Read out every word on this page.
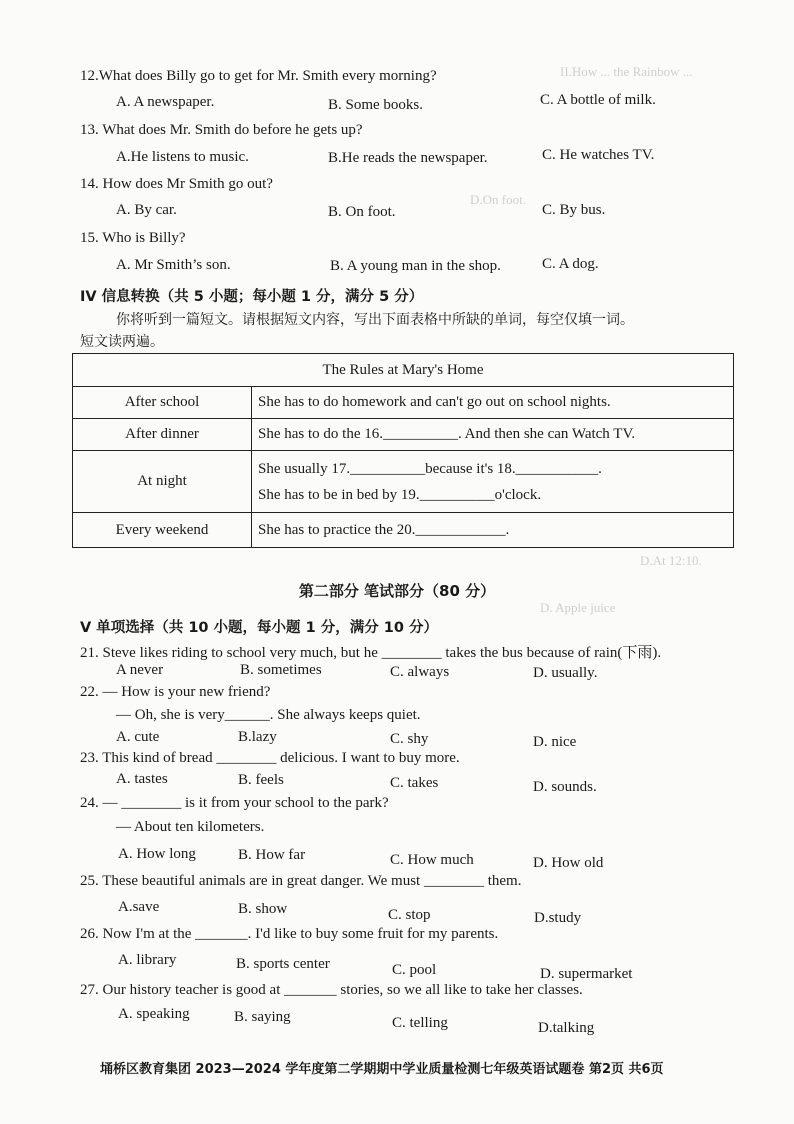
II.How ... the Rainbow ...
D.On foot.
D.At 12:10.
D. Apple juice
12.What does Billy go to get for Mr. Smith every morning?
A. A newspaper.	B. Some books.	C. A bottle of milk.
13. What does Mr. Smith do before he gets up?
A.He listens to music.	B.He reads the newspaper.	C. He watches TV.
14. How does Mr Smith go out?
A. By car.	B. On foot.	C. By bus.
15. Who is Billy?
A. Mr Smith’s son.	B. A young man in the shop.	C. A dog.
IV 信息转换（共 5 小题；每小题 1 分，满分 5 分）
你将听到一篇短文。请根据短文内容，写出下面表格中所缺的单词，每空仅填一词。
短文读两遍。
The Rules at Mary's Home	
After school	She has to do homework and can't go out on school nights.
After dinner	She has to do the 16.__________. And then she can Watch TV.
At night	She usually 17.__________because it's 18.___________.
She has to be in bed by 19.__________o'clock.

Every weekend	She has to practice the 20.____________.
第二部分 笔试部分（80 分）
V 单项选择（共 10 小题，每小题 1 分，满分 10 分）
21. Steve likes riding to school very much, but he ________ takes the bus because of rain(下雨).
A never	B. sometimes	C. always	D. usually.
22. — How is your new friend?
— Oh, she is very______. She always keeps quiet.
A. cute	B.lazy	C. shy	D. nice
23. This kind of bread ________ delicious. I want to buy more.
A. tastes	B. feels	C. takes	D. sounds.
24. — ________ is it from your school to the park?
— About ten kilometers.
A. How long	B. How far	C. How much	D. How old
25. These beautiful animals are in great danger. We must ________ them.
A.save	B. show	C. stop	D.study
26. Now I'm at the _______. I'd like to buy some fruit for my parents.
A. library	B. sports center	C. pool	D. supermarket
27. Our history teacher is good at _______ stories, so we all like to take her classes.
A. speaking	B. saying	C. telling	D.talking
埇桥区教育集团 2023—2024 学年度第二学期期中学业质量检测七年级英语试题卷 第2页 共6页
